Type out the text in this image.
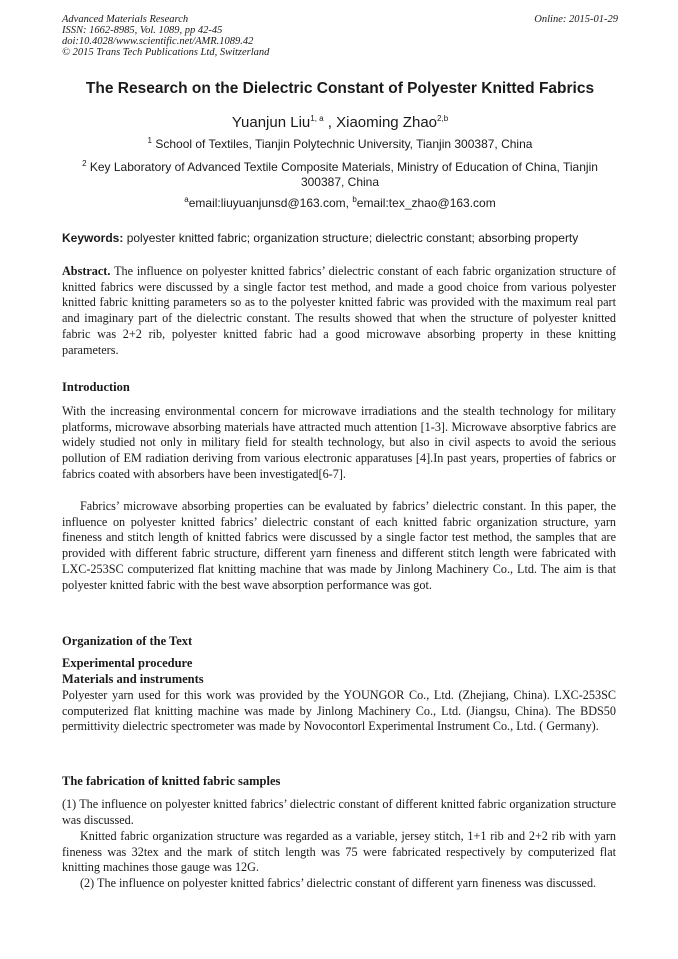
Advanced Materials Research
ISSN: 1662-8985, Vol. 1089, pp 42-45
doi:10.4028/www.scientific.net/AMR.1089.42
© 2015 Trans Tech Publications Ltd, Switzerland
Online: 2015-01-29
The Research on the Dielectric Constant of Polyester Knitted Fabrics
Yuanjun Liu$^{1, a}$ , Xiaoming Zhao$^{2,b}$
$^1$ School of Textiles, Tianjin Polytechnic University, Tianjin 300387, China
$^2$ Key Laboratory of Advanced Textile Composite Materials, Ministry of Education of China, Tianjin 300387, China
$^a$email:liuyuanjunsd@163.com, $^b$email:tex_zhao@163.com
Keywords: polyester knitted fabric; organization structure; dielectric constant; absorbing property
Abstract. The influence on polyester knitted fabrics’ dielectric constant of each fabric organization structure of knitted fabrics were discussed by a single factor test method, and made a good choice from various polyester knitted fabric knitting parameters so as to the polyester knitted fabric was provided with the maximum real part and imaginary part of the dielectric constant. The results showed that when the structure of polyester knitted fabric was 2+2 rib, polyester knitted fabric had a good microwave absorbing property in these knitting parameters.
Introduction
With the increasing environmental concern for microwave irradiations and the stealth technology for military platforms, microwave absorbing materials have attracted much attention [1-3]. Microwave absorptive fabrics are widely studied not only in military field for stealth technology, but also in civil aspects to avoid the serious pollution of EM radiation deriving from various electronic apparatuses [4].In past years, properties of fabrics or fabrics coated with absorbers have been investigated[6-7].
Fabrics’ microwave absorbing properties can be evaluated by fabrics’ dielectric constant. In this paper, the influence on polyester knitted fabrics’ dielectric constant of each knitted fabric organization structure, yarn fineness and stitch length of knitted fabrics were discussed by a single factor test method, the samples that are provided with different fabric structure, different yarn fineness and different stitch length were fabricated with LXC-253SC computerized flat knitting machine that was made by Jinlong Machinery Co., Ltd. The aim is that polyester knitted fabric with the best wave absorption performance was got.
Organization of the Text
Experimental procedure
Materials and instruments
Polyester yarn used for this work was provided by the YOUNGOR Co., Ltd. (Zhejiang, China). LXC-253SC computerized flat knitting machine was made by Jinlong Machinery Co., Ltd. (Jiangsu, China). The BDS50 permittivity dielectric spectrometer was made by Novocontorl Experimental Instrument Co., Ltd. ( Germany).
The fabrication of knitted fabric samples
(1) The influence on polyester knitted fabrics’ dielectric constant of different knitted fabric organization structure was discussed.
Knitted fabric organization structure was regarded as a variable, jersey stitch, 1+1 rib and 2+2 rib with yarn fineness was 32tex and the mark of stitch length was 75 were fabricated respectively by computerized flat knitting machines those gauge was 12G.
(2) The influence on polyester knitted fabrics’ dielectric constant of different yarn fineness was discussed.
